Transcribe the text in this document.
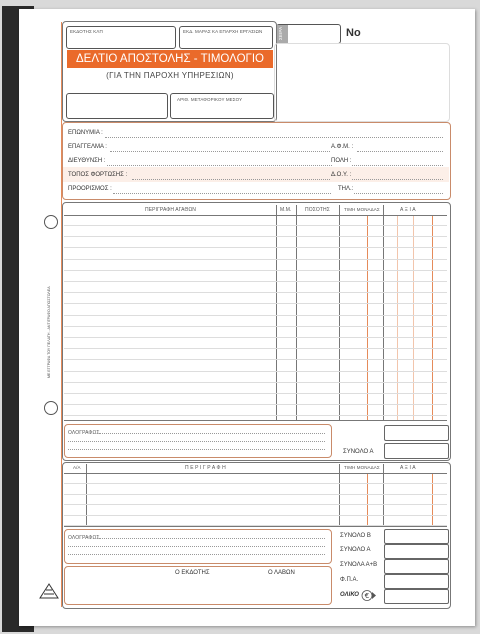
ΜΕ ΕΓΓΡΑΦΑ ΤΟΥ ΠΕΛΑΤΗ - ΑΝΤΙΓΡΑΦΟ ΑΠΟΣΤΟΛΕΑ
ΕΚΔΟΤΗΣ ΚΛΠ	ΕΚΔ. ΜΑΡΑΣ ΚΑ ΕΠΑΡΧΗ ΕΡΓΑΣΙΩΝ	ΣΕΙΡΑ	No
ΔΕΛΤΙΟ ΑΠΟΣΤΟΛΗΣ - ΤΙΜΟΛΟΓΙΟ
(ΓΙΑ ΤΗΝ ΠΑΡΟΧΗ ΥΠΗΡΕΣΙΩΝ)
ΑΡΙΘ. ΜΕΤΑΦΟΡΙΚΟΥ ΜΕΣΟΥ
ΕΠΩΝΥΜΙΑ :
ΕΠΑΓΓΕΛΜΑ :	Α.Φ.Μ. :
ΔΙΕΥΘΥΝΣΗ :	ΠΟΛΗ :
ΤΟΠΟΣ ΦΟΡΤΩΣΗΣ :	Δ.Ο.Υ. :
ΠΡΟΟΡΙΣΜΟΣ :	ΤΗΛ.:
ΠΕΡΙΓΡΑΦΗ ΑΓΑΘΩΝ	Μ.Μ.	ΠΟΣΟΤΗΣ	ΤΙΜΗ ΜΟΝΑΔΑΣ	Α Ξ Ι Α
ΟΛΟΓΡΑΦΩΣ
ΣΥΝΟΛΟ Α
Α/Α	Π Ε Ρ Ι Γ Ρ Α Φ Η	ΤΙΜΗ ΜΟΝΑΔΑΣ	Α Ξ Ι Α
ΟΛΟΓΡΑΦΩΣ
Ο ΕΚΔΟΤΗΣ	Ο ΛΑΒΩΝ
ΣΥΝΟΛΟ Β
ΣΥΝΟΛΟ Α
ΣΥΝΟΛΑ Α+Β
Φ.Π.Α.
ΟΛΙΚΟ €
